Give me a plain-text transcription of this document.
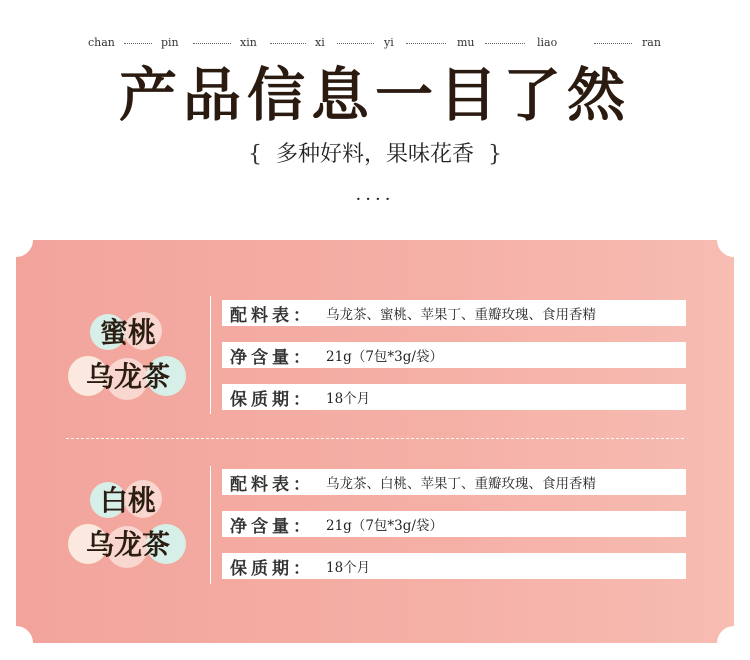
chan	pin	xin	xi	yi	mu	liao	ran
产品信息一目了然
{ 多种好料，果味花香 }
····
蜜桃
乌龙茶
配料表： 乌龙茶、蜜桃、苹果丁、重瓣玫瑰、食用香精
净含量： 21g（7包*3g/袋）
保质期： 18个月
白桃
乌龙茶
配料表： 乌龙茶、白桃、苹果丁、重瓣玫瑰、食用香精
净含量： 21g（7包*3g/袋）
保质期： 18个月
